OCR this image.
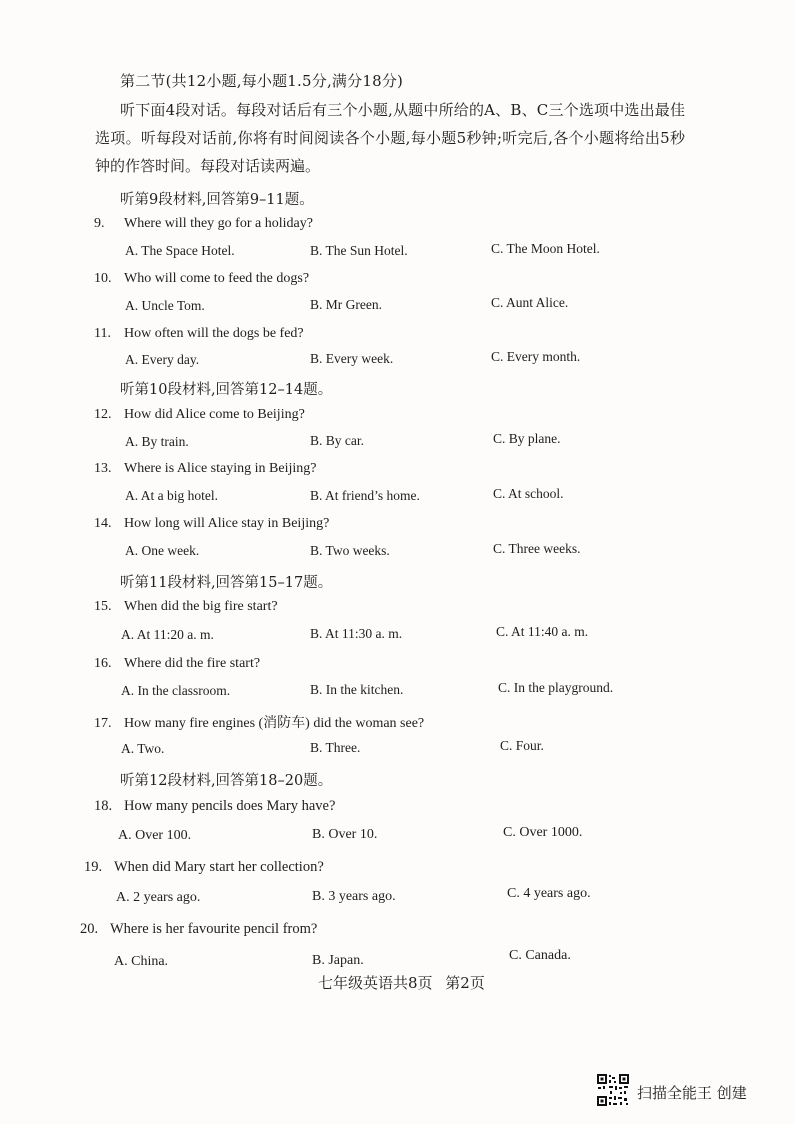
第二节(共12小题,每小题1.5分,满分18分)
听下面4段对话。每段对话后有三个小题,从题中所给的A、B、C三个选项中选出最佳选项。听每段对话前,你将有时间阅读各个小题,每小题5秒钟;听完后,各个小题将给出5秒钟的作答时间。每段对话读两遍。
听第9段材料,回答第9–11题。
9. Where will they go for a holiday?
A. The Space Hotel.	B. The Sun Hotel.	C. The Moon Hotel.
10. Who will come to feed the dogs?
A. Uncle Tom.	B. Mr Green.	C. Aunt Alice.
11. How often will the dogs be fed?
A. Every day.	B. Every week.	C. Every month.
听第10段材料,回答第12–14题。
12. How did Alice come to Beijing?
A. By train.	B. By car.	C. By plane.
13. Where is Alice staying in Beijing?
A. At a big hotel.	B. At friend’s home.	C. At school.
14. How long will Alice stay in Beijing?
A. One week.	B. Two weeks.	C. Three weeks.
听第11段材料,回答第15–17题。
15. When did the big fire start?
A. At 11:20 a. m.	B. At 11:30 a. m.	C. At 11:40 a. m.
16. Where did the fire start?
A. In the classroom.	B. In the kitchen.	C. In the playground.
17. How many fire engines (消防车) did the woman see?
A. Two.	B. Three.	C. Four.
听第12段材料,回答第18–20题。
18. How many pencils does Mary have?
A. Over 100.	B. Over 10.	C. Over 1000.
19. When did Mary start her collection?
A. 2 years ago.	B. 3 years ago.	C. 4 years ago.
20. Where is her favourite pencil from?
A. China.	B. Japan.	C. Canada.
七年级英语共8页 第2页
扫描全能王 创建
